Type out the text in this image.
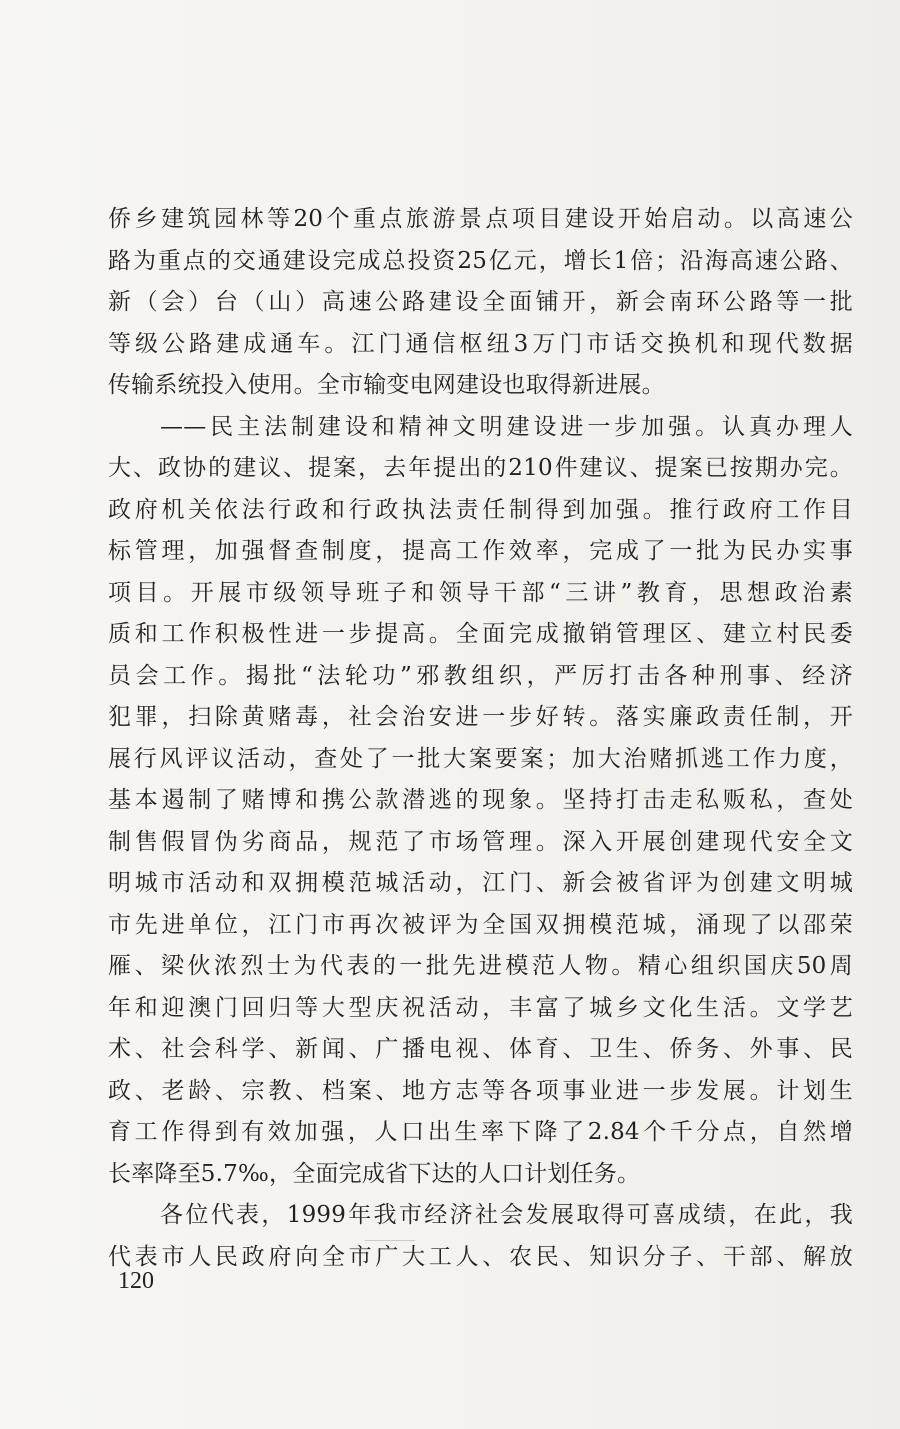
侨乡建筑园林等20个重点旅游景点项目建设开始启动。以高速公
路为重点的交通建设完成总投资25亿元，增长1倍；沿海高速公路、
新（会）台（山）高速公路建设全面铺开，新会南环公路等一批
等级公路建成通车。江门通信枢纽3万门市话交换机和现代数据
传输系统投入使用。全市输变电网建设也取得新进展。
——民主法制建设和精神文明建设进一步加强。认真办理人
大、政协的建议、提案，去年提出的210件建议、提案已按期办完。
政府机关依法行政和行政执法责任制得到加强。推行政府工作目
标管理，加强督查制度，提高工作效率，完成了一批为民办实事
项目。开展市级领导班子和领导干部“三讲”教育，思想政治素
质和工作积极性进一步提高。全面完成撤销管理区、建立村民委
员会工作。揭批“法轮功”邪教组织，严厉打击各种刑事、经济
犯罪，扫除黄赌毒，社会治安进一步好转。落实廉政责任制，开
展行风评议活动，查处了一批大案要案；加大治赌抓逃工作力度，
基本遏制了赌博和携公款潜逃的现象。坚持打击走私贩私，查处
制售假冒伪劣商品，规范了市场管理。深入开展创建现代安全文
明城市活动和双拥模范城活动，江门、新会被省评为创建文明城
市先进单位，江门市再次被评为全国双拥模范城，涌现了以邵荣
雁、梁伙浓烈士为代表的一批先进模范人物。精心组织国庆50周
年和迎澳门回归等大型庆祝活动，丰富了城乡文化生活。文学艺
术、社会科学、新闻、广播电视、体育、卫生、侨务、外事、民
政、老龄、宗教、档案、地方志等各项事业进一步发展。计划生
育工作得到有效加强，人口出生率下降了2.84个千分点，自然增
长率降至5.7‰，全面完成省下达的人口计划任务。
各位代表，1999年我市经济社会发展取得可喜成绩，在此，我
代表市人民政府向全市广大工人、农民、知识分子、干部、解放
120
